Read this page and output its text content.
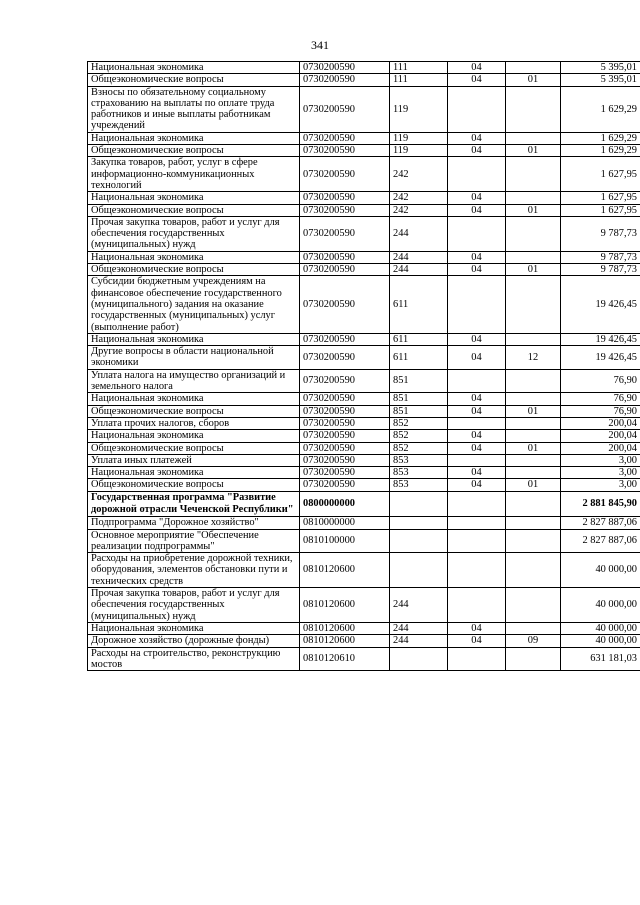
341
Национальная экономика	0730200590	111	04		5 395,01
Общеэкономические вопросы	0730200590	111	04	01	5 395,01
Взносы по обязательному социальному страхованию на выплаты по оплате труда работников и иные выплаты работникам учреждений	0730200590	119			1 629,29
Национальная экономика	0730200590	119	04		1 629,29
Общеэкономические вопросы	0730200590	119	04	01	1 629,29
Закупка товаров, работ, услуг в сфере информационно-коммуникационных технологий	0730200590	242			1 627,95
Национальная экономика	0730200590	242	04		1 627,95
Общеэкономические вопросы	0730200590	242	04	01	1 627,95
Прочая закупка товаров, работ и услуг для обеспечения государственных (муниципальных) нужд	0730200590	244			9 787,73
Национальная экономика	0730200590	244	04		9 787,73
Общеэкономические вопросы	0730200590	244	04	01	9 787,73
Субсидии бюджетным учреждениям на финансовое обеспечение государственного (муниципального) задания на оказание государственных (муниципальных) услуг (выполнение работ)	0730200590	611			19 426,45
Национальная экономика	0730200590	611	04		19 426,45
Другие вопросы в области национальной экономики	0730200590	611	04	12	19 426,45
Уплата налога на имущество организаций и земельного налога	0730200590	851			76,90
Национальная экономика	0730200590	851	04		76,90
Общеэкономические вопросы	0730200590	851	04	01	76,90
Уплата прочих налогов, сборов	0730200590	852			200,04
Национальная экономика	0730200590	852	04		200,04
Общеэкономические вопросы	0730200590	852	04	01	200,04
Уплата иных платежей	0730200590	853			3,00
Национальная экономика	0730200590	853	04		3,00
Общеэкономические вопросы	0730200590	853	04	01	3,00
Государственная программа "Развитие дорожной отрасли Чеченской Республики"	0800000000				2 881 845,90
Подпрограмма "Дорожное хозяйство"	0810000000				2 827 887,06
Основное мероприятие "Обеспечение реализации подпрограммы"	0810100000				2 827 887,06
Расходы на приобретение дорожной техники, оборудования, элементов обстановки пути и технических средств	0810120600				40 000,00
Прочая закупка товаров, работ и услуг для обеспечения государственных (муниципальных) нужд	0810120600	244			40 000,00
Национальная экономика	0810120600	244	04		40 000,00
Дорожное хозяйство (дорожные фонды)	0810120600	244	04	09	40 000,00
Расходы на строительство, реконструкцию мостов	0810120610				631 181,03
